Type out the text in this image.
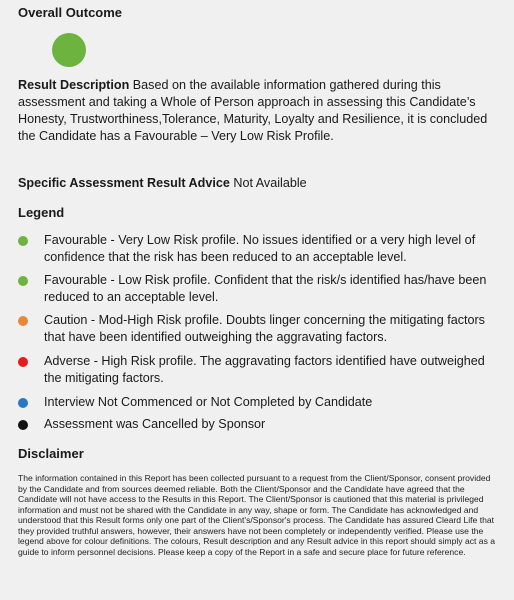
Overall Outcome
Result Description Based on the available information gathered during this assessment and taking a Whole of Person approach in assessing this Candidate’s Honesty, Trustworthiness,Tolerance, Maturity, Loyalty and Resilience, it is concluded the Candidate has a Favourable – Very Low Risk Profile.
Specific Assessment Result Advice Not Available
Legend
Favourable - Very Low Risk profile. No issues identified or a very high level of confidence that the risk has been reduced to an acceptable level.
Favourable - Low Risk profile. Confident that the risk/s identified has/have been reduced to an acceptable level.
Caution - Mod-High Risk profile. Doubts linger concerning the mitigating factors that have been identified outweighing the aggravating factors.
Adverse - High Risk profile. The aggravating factors identified have outweighed the mitigating factors.
Interview Not Commenced or Not Completed by Candidate
Assessment was Cancelled by Sponsor
Disclaimer
The information contained in this Report has been collected pursuant to a request from the Client/Sponsor, consent provided by the Candidate and from sources deemed reliable. Both the Client/Sponsor and the Candidate have agreed that the Candidate will not have access to the Results in this Report. The Client/Sponsor is cautioned that this material is privileged information and must not be shared with the Candidate in any way, shape or form. The Candidate has acknowledged and understood that this Result forms only one part of the Client's/Sponsor's process. The Candidate has assured Cleard Life that they provided truthful answers, however, their answers have not been completely or independently verified. Please use the legend above for colour definitions. The colours, Result description and any Result advice in this report should simply act as a guide to inform personnel decisions. Please keep a copy of the Report in a safe and secure place for future reference.
